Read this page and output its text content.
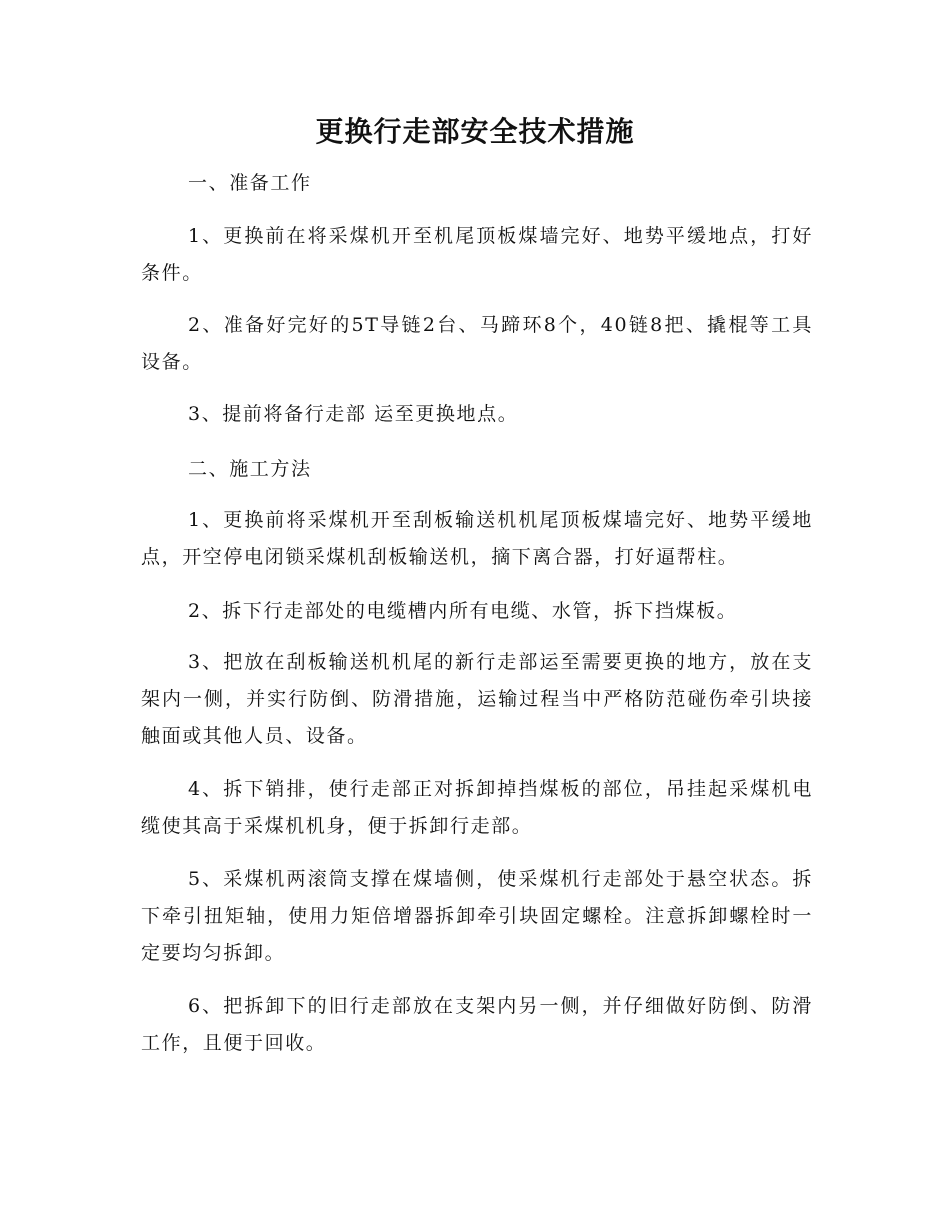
更换行走部安全技术措施

一、准备工作

1、更换前在将采煤机开至机尾顶板煤墙完好、地势平缓地点，打好条件。

2、准备好完好的5T导链2台、马蹄环8个，40链8把、撬棍等工具设备。

3、提前将备行走部 运至更换地点。

二、施工方法

1、更换前将采煤机开至刮板输送机机尾顶板煤墙完好、地势平缓地点，开空停电闭锁采煤机刮板输送机，摘下离合器，打好逼帮柱。

2、拆下行走部处的电缆槽内所有电缆、水管，拆下挡煤板。

3、把放在刮板输送机机尾的新行走部运至需要更换的地方，放在支架内一侧，并实行防倒、防滑措施，运输过程当中严格防范碰伤牵引块接触面或其他人员、设备。

4、拆下销排，使行走部正对拆卸掉挡煤板的部位，吊挂起采煤机电缆使其高于采煤机机身，便于拆卸行走部。

5、采煤机两滚筒支撑在煤墙侧，使采煤机行走部处于悬空状态。拆下牵引扭矩轴，使用力矩倍增器拆卸牵引块固定螺栓。注意拆卸螺栓时一定要均匀拆卸。

6、把拆卸下的旧行走部放在支架内另一侧，并仔细做好防倒、防滑工作，且便于回收。
